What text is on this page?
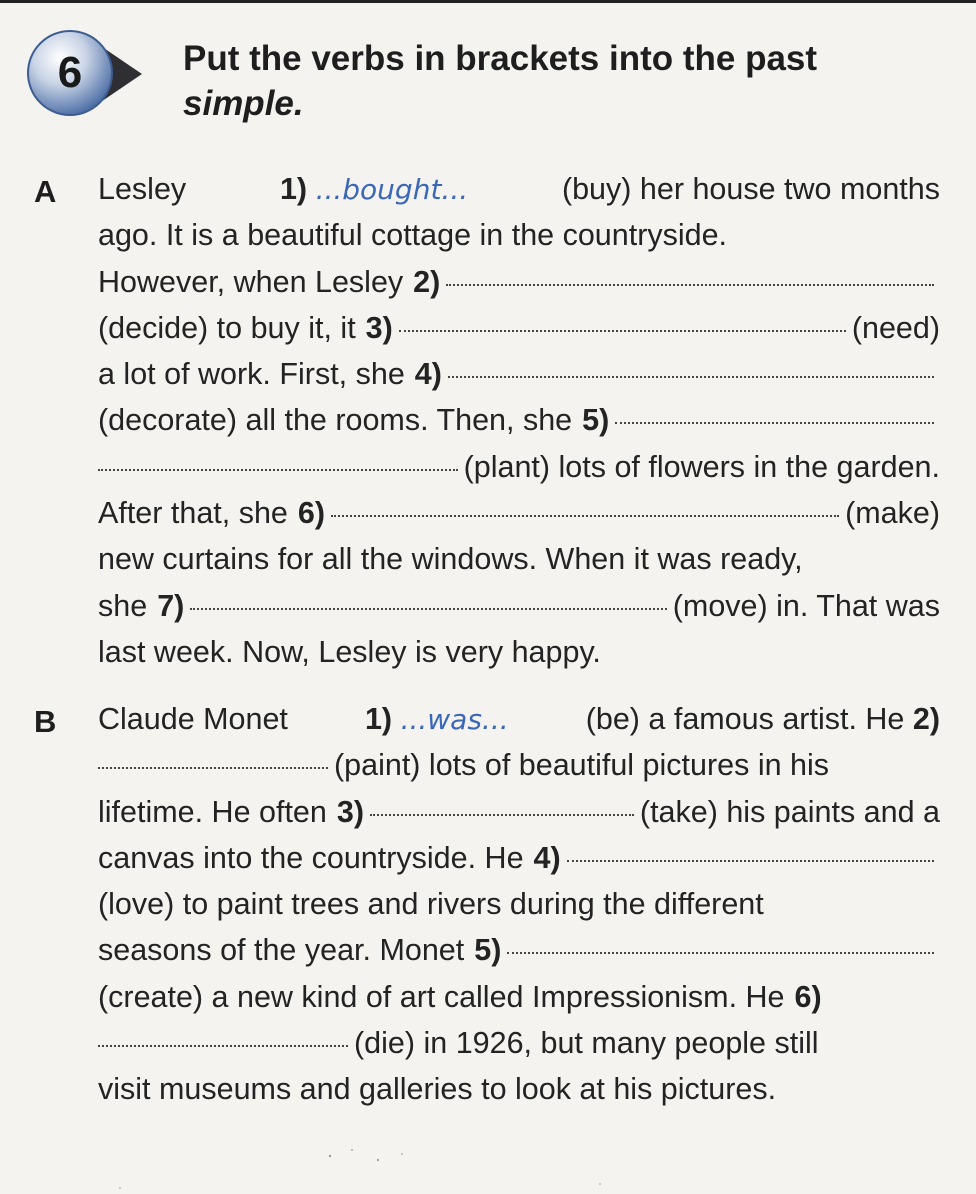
6	Put the verbs in brackets into the past
simple.
A Lesley	1) ...bought...	(buy) her house two months
ago. It is a beautiful cottage in the countryside.
However, when Lesley 2)
(decide) to buy it, it 3)	(need)
a lot of work. First, she 4)
(decorate) all the rooms. Then, she 5)
(plant) lots of flowers in the garden.
After that, she 6)	(make)
new curtains for all the windows. When it was ready,
she 7)	(move) in. That was
last week. Now, Lesley is very happy.
B Claude Monet	1) ...was...	(be) a famous artist. He 2)
(paint) lots of beautiful pictures in his
lifetime. He often 3)	(take) his paints and a
canvas into the countryside. He 4)
(love) to paint trees and rivers during the different
seasons of the year. Monet 5)
(create) a new kind of art called Impressionism. He 6)
(die) in 1926, but many people still
visit museums and galleries to look at his pictures.
